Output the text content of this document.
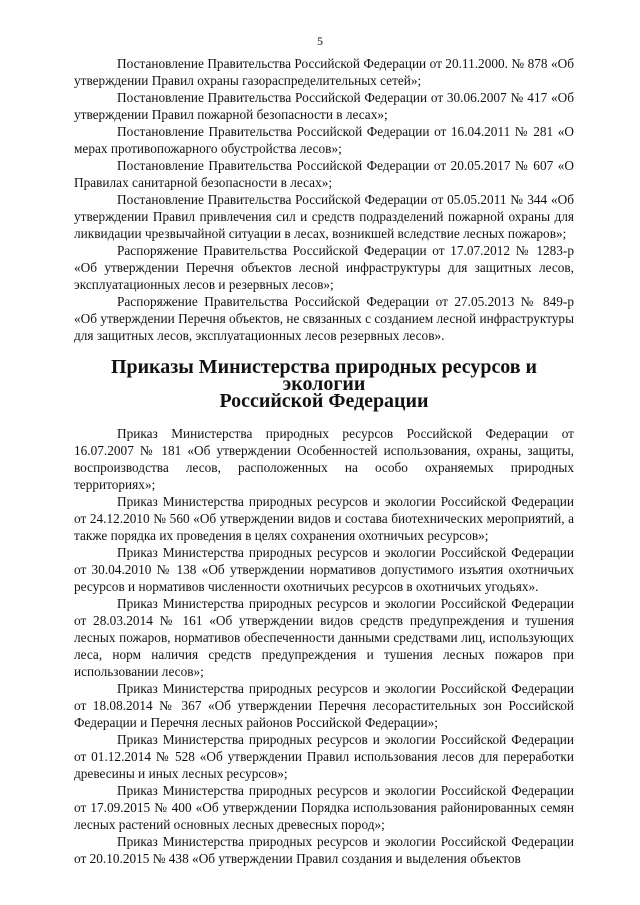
5

Постановление Правительства Российской Федерации от 20.11.2000. № 878 «Об утверждении Правил охраны газораспределительных сетей»;

Постановление Правительства Российской Федерации от 30.06.2007 № 417 «Об утверждении Правил пожарной безопасности в лесах»;

Постановление Правительства Российской Федерации от 16.04.2011 № 281 «О мерах противопожарного обустройства лесов»;

Постановление Правительства Российской Федерации от 20.05.2017 № 607 «О Правилах санитарной безопасности в лесах»;

Постановление Правительства Российской Федерации от 05.05.2011 № 344 «Об утверждении Правил привлечения сил и средств подразделений пожарной охраны для ликвидации чрезвычайной ситуации в лесах, возникшей вследствие лесных пожаров»;

Распоряжение Правительства Российской Федерации от 17.07.2012 № 1283-р «Об утверждении Перечня объектов лесной инфраструктуры для защитных лесов, эксплуатационных лесов и резервных лесов»;

Распоряжение Правительства Российской Федерации от 27.05.2013 № 849-р «Об утверждении Перечня объектов, не связанных с созданием лесной инфраструктуры для защитных лесов, эксплуатационных лесов резервных лесов».

Приказы Министерства природных ресурсов и экологии
Российской Федерации

Приказ Министерства природных ресурсов Российской Федерации от 16.07.2007 № 181 «Об утверждении Особенностей использования, охраны, защиты, воспроизводства лесов, расположенных на особо охраняемых природных территориях»;

Приказ Министерства природных ресурсов и экологии Российской Федерации от 24.12.2010 № 560 «Об утверждении видов и состава биотехнических мероприятий, а также порядка их проведения в целях сохранения охотничьих ресурсов»;

Приказ Министерства природных ресурсов и экологии Российской Федерации от 30.04.2010 № 138 «Об утверждении нормативов допустимого изъятия охотничьих ресурсов и нормативов численности охотничьих ресурсов в охотничьих угодьях».

Приказ Министерства природных ресурсов и экологии Российской Федерации от 28.03.2014 № 161 «Об утверждении видов средств предупреждения и тушения лесных пожаров, нормативов обеспеченности данными средствами лиц, использующих леса, норм наличия средств предупреждения и тушения лесных пожаров при использовании лесов»;

Приказ Министерства природных ресурсов и экологии Российской Федерации от 18.08.2014 № 367 «Об утверждении Перечня лесорастительных зон Российской Федерации и Перечня лесных районов Российской Федерации»;

Приказ Министерства природных ресурсов и экологии Российской Федерации от 01.12.2014 № 528 «Об утверждении Правил использования лесов для переработки древесины и иных лесных ресурсов»;

Приказ Министерства природных ресурсов и экологии Российской Федерации от 17.09.2015 № 400 «Об утверждении Порядка использования районированных семян лесных растений основных лесных древесных пород»;

Приказ Министерства природных ресурсов и экологии Российской Федерации от 20.10.2015 № 438 «Об утверждении Правил создания и выделения объектов
